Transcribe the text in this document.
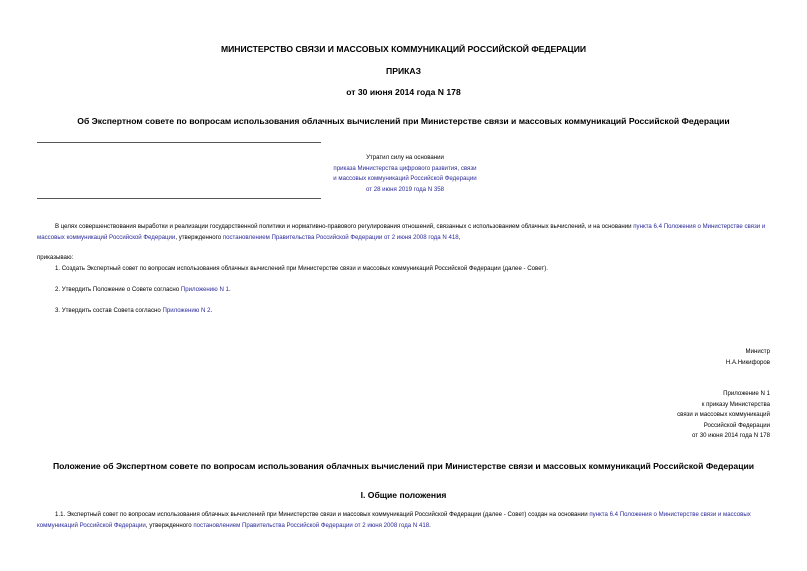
МИНИСТЕРСТВО СВЯЗИ И МАССОВЫХ КОММУНИКАЦИЙ РОССИЙСКОЙ ФЕДЕРАЦИИ
ПРИКАЗ
от 30 июня 2014 года N 178
Об Экспертном совете по вопросам использования облачных вычислений при Министерстве связи и массовых коммуникаций Российской Федерации
Утратил силу на основании
приказа Министерства цифрового развития, связи
и массовых коммуникаций Российской Федерации
от 28 июня 2019 года N 358
В целях совершенствования выработки и реализации государственной политики и нормативно-правового регулирования отношений, связанных с использованием облачных вычислений, и на основании пункта 6.4 Положения о Министерстве связи и массовых коммуникаций Российской Федерации, утвержденного постановлением Правительства Российской Федерации от 2 июня 2008 года N 418,
приказываю:
1. Создать Экспертный совет по вопросам использования облачных вычислений при Министерстве связи и массовых коммуникаций Российской Федерации (далее - Совет).
2. Утвердить Положение о Совете согласно Приложению N 1.
3. Утвердить состав Совета согласно Приложению N 2.
Министр
Н.А.Никифоров
Приложение N 1
к приказу Министерства
связи и массовых коммуникаций
Российской Федерации
от 30 июня 2014 года N 178
Положение об Экспертном совете по вопросам использования облачных вычислений при Министерстве связи и массовых коммуникаций Российской Федерации
I. Общие положения
1.1. Экспертный совет по вопросам использования облачных вычислений при Министерстве связи и массовых коммуникаций Российской Федерации (далее - Совет) создан на основании пункта 6.4 Положения о Министерстве связи и массовых коммуникаций Российской Федерации, утвержденного постановлением Правительства Российской Федерации от 2 июня 2008 года N 418.
